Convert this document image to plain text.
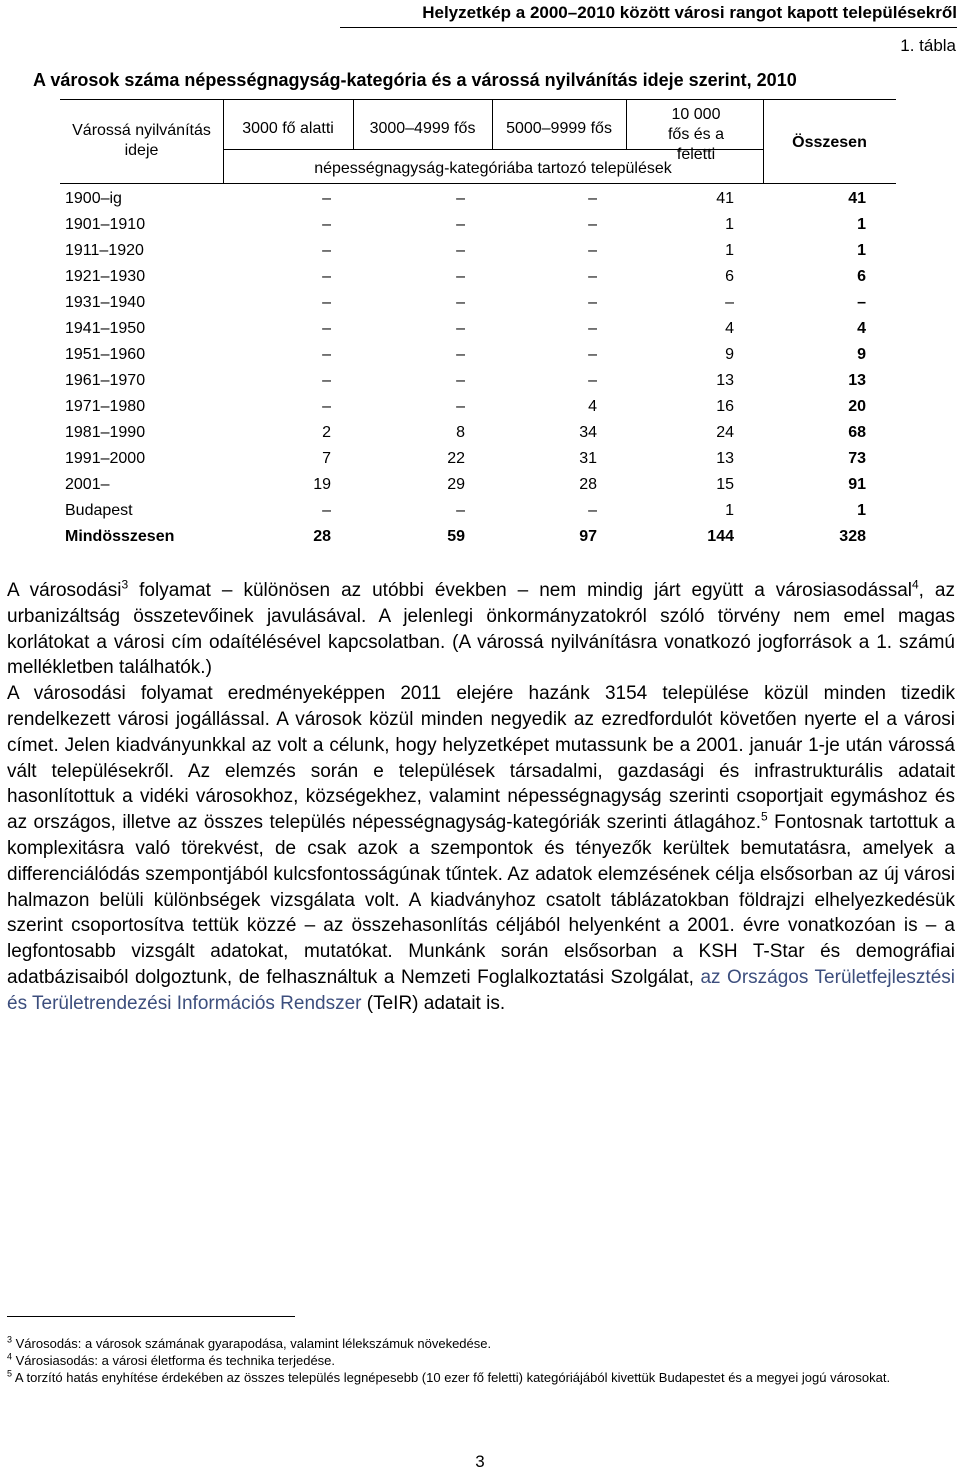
Helyzetkép a 2000–2010 között városi rangot kapott településekről
1. tábla
A városok száma népességnagyság-kategória és a várossá nyilvánítás ideje szerint, 2010
Várossá nyilvánítás ideje
3000 fő alatti	3000–4999 fős	5000–9999 fős
10 000 fős és a feletti
népességnagyság-kategóriába tartozó települések
Összesen
1900–ig	–	–	–	41	41
1901–1910	–	–	–	1	1
1911–1920	–	–	–	1	1
1921–1930	–	–	–	6	6
1931–1940	–	–	–	–	–
1941–1950	–	–	–	4	4
1951–1960	–	–	–	9	9
1961–1970	–	–	–	13	13
1971–1980	–	–	4	16	20
1981–1990	2	8	34	24	68
1991–2000	7	22	31	13	73
2001–	19	29	28	15	91
Budapest	–	–	–	1	1
Mindösszesen	28	59	97	144	328

A városodási$^3$ folyamat – különösen az utóbbi években – nem mindig járt együtt a városiasodással$^4$, az urbanizáltság összetevőinek javulásával. A jelenlegi önkormányzatokról szóló törvény nem emel magas korlátokat a városi cím odaítélésével kapcsolatban. (A várossá nyilvánításra vonatkozó jogforrások a 1. számú mellékletben találhatók.)

A városodási folyamat eredményeképpen 2011 elejére hazánk 3154 települése közül minden tizedik rendelkezett városi jogállással. A városok közül minden negyedik az ezredfordulót követően nyerte el a városi címet. Jelen kiadványunkkal az volt a célunk, hogy helyzetképet mutassunk be a 2001. január 1-je után várossá vált településekről. Az elemzés során e települések társadalmi, gazdasági és infrastrukturális adatait hasonlítottuk a vidéki városokhoz, községekhez, valamint népességnagyság szerinti csoportjait egymáshoz és az országos, illetve az összes település népességnagyság-kategóriák szerinti átlagához.$^5$ Fontosnak tartottuk a komplexitásra való törekvést, de csak azok a szempontok és tényezők kerültek bemutatásra, amelyek a differenciálódás szempontjából kulcsfontosságúnak tűntek. Az adatok elemzésének célja elsősorban az új városi halmazon belüli különbségek vizsgálata volt. A kiadványhoz csatolt táblázatokban földrajzi elhelyezkedésük szerint csoportosítva tettük közzé – az összehasonlítás céljából helyenként a 2001. évre vonatkozóan is – a legfontosabb vizsgált adatokat, mutatókat. Munkánk során elsősorban a KSH T-Star és demográfiai adatbázisaiból dolgoztunk, de felhasználtuk a Nemzeti Foglalkoztatási Szolgálat, az Országos Területfejlesztési és Területrendezési Információs Rendszer (TeIR) adatait is.

$^3$ Városodás: a városok számának gyarapodása, valamint lélekszámuk növekedése.
$^4$ Városiasodás: a városi életforma és technika terjedése.
$^5$ A torzító hatás enyhítése érdekében az összes település legnépesebb (10 ezer fő feletti) kategóriájából kivettük Budapestet és a megyei jogú városokat.
3
